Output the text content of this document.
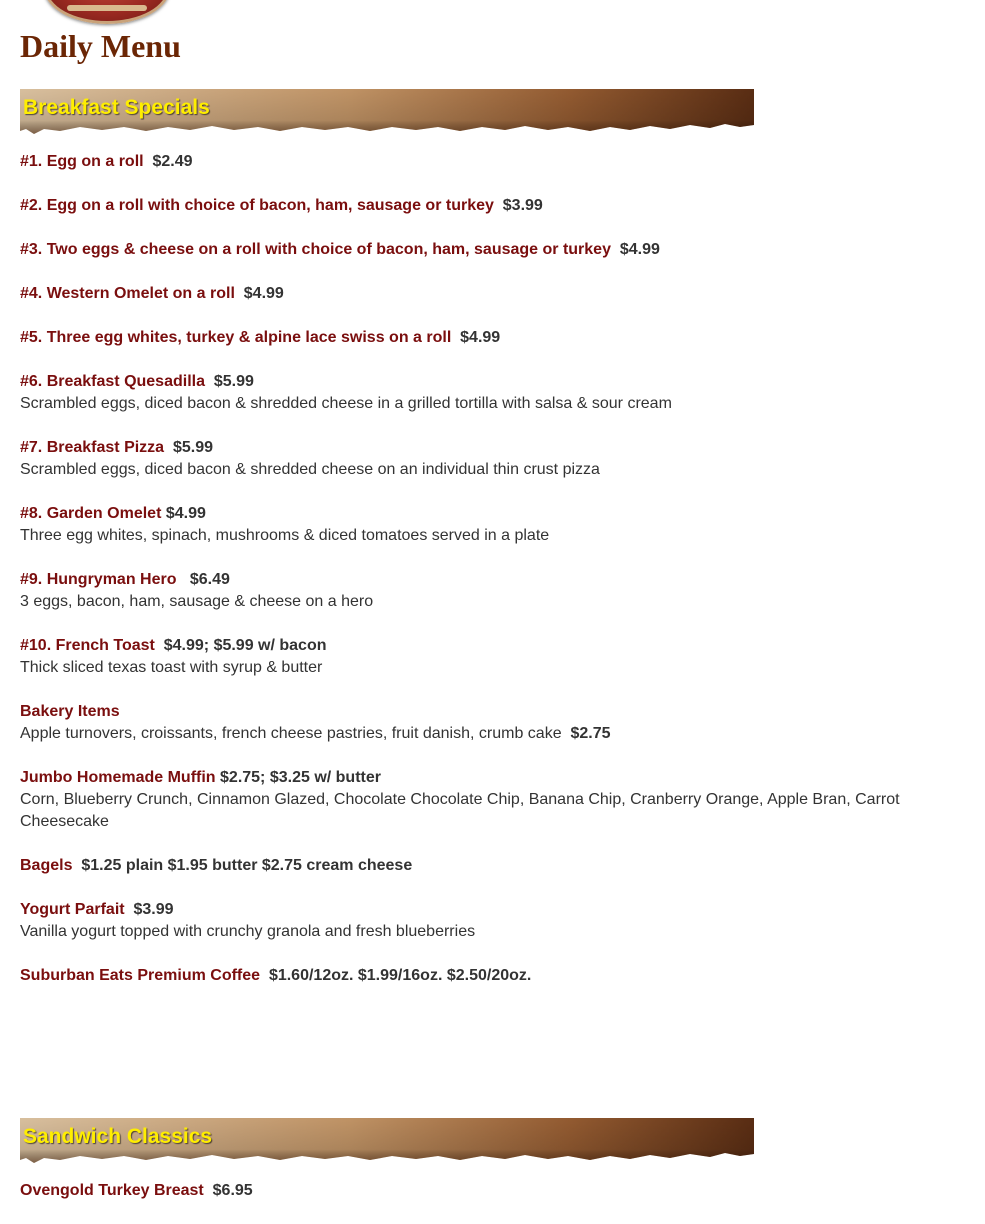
Daily Menu
Breakfast Specials
#1. Egg on a roll $2.49
#2. Egg on a roll with choice of bacon, ham, sausage or turkey $3.99
#3. Two eggs & cheese on a roll with choice of bacon, ham, sausage or turkey $4.99
#4. Western Omelet on a roll $4.99
#5. Three egg whites, turkey & alpine lace swiss on a roll $4.99
#6. Breakfast Quesadilla $5.99
Scrambled eggs, diced bacon & shredded cheese in a grilled tortilla with salsa & sour cream
#7. Breakfast Pizza $5.99
Scrambled eggs, diced bacon & shredded cheese on an individual thin crust pizza
#8. Garden Omelet $4.99
Three egg whites, spinach, mushrooms & diced tomatoes served in a plate
#9. Hungryman Hero $6.49
3 eggs, bacon, ham, sausage & cheese on a hero
#10. French Toast $4.99; $5.99 w/ bacon
Thick sliced texas toast with syrup & butter
Bakery Items
Apple turnovers, croissants, french cheese pastries, fruit danish, crumb cake $2.75
Jumbo Homemade Muffin $2.75; $3.25 w/ butter
Corn, Blueberry Crunch, Cinnamon Glazed, Chocolate Chocolate Chip, Banana Chip, Cranberry Orange, Apple Bran, Carrot Cheesecake
Bagels $1.25 plain $1.95 butter $2.75 cream cheese
Yogurt Parfait $3.99
Vanilla yogurt topped with crunchy granola and fresh blueberries
Suburban Eats Premium Coffee $1.60/12oz. $1.99/16oz. $2.50/20oz.
Sandwich Classics
Ovengold Turkey Breast $6.95
